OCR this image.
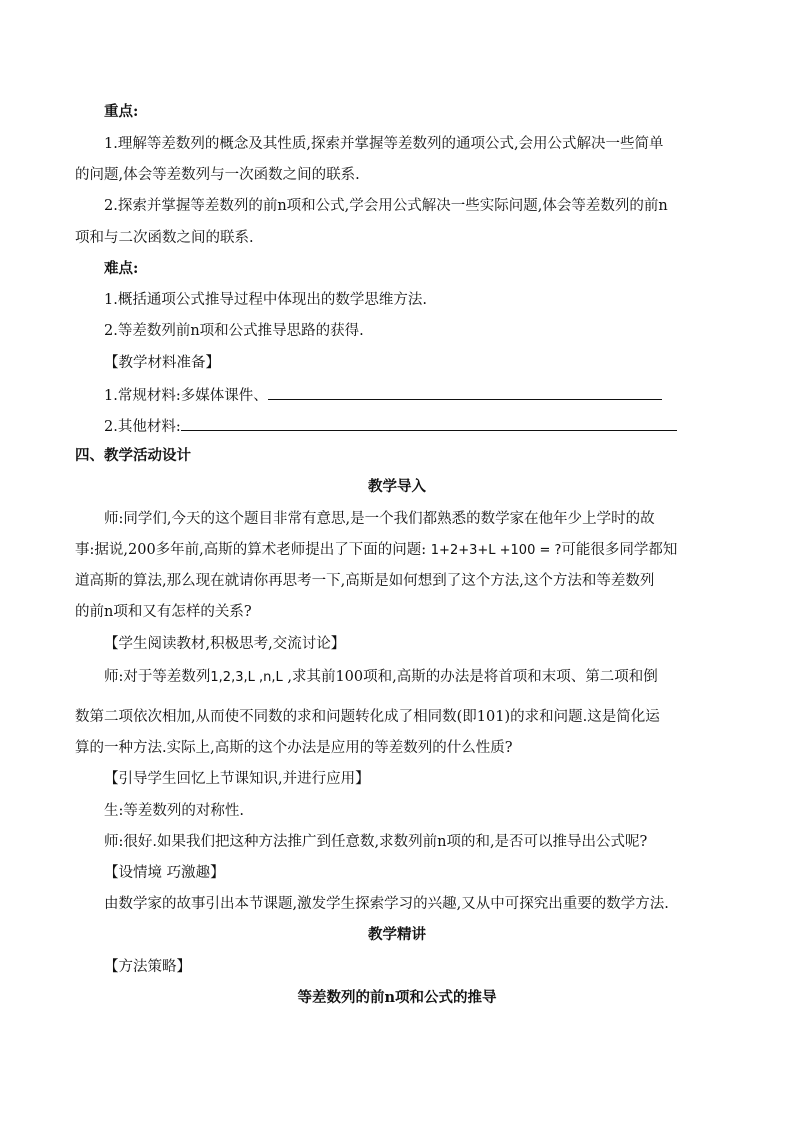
重点:
1.理解等差数列的概念及其性质,探索并掌握等差数列的通项公式,会用公式解决一些简单
的问题,体会等差数列与一次函数之间的联系.
2.探索并掌握等差数列的前n项和公式,学会用公式解决一些实际问题,体会等差数列的前n
项和与二次函数之间的联系.
难点:
1.概括通项公式推导过程中体现出的数学思维方法.
2.等差数列前n项和公式推导思路的获得.
【教学材料准备】
1.常规材料:多媒体课件、
2.其他材料:
四、教学活动设计
教学导入
师:同学们,今天的这个题目非常有意思,是一个我们都熟悉的数学家在他年少上学时的故
事:据说,200多年前,高斯的算术老师提出了下面的问题: 1+2+3+L +100 = ?可能很多同学都知
道高斯的算法,那么现在就请你再思考一下,高斯是如何想到了这个方法,这个方法和等差数列
的前n项和又有怎样的关系?
【学生阅读教材,积极思考,交流讨论】
师:对于等差数列1,2,3,L ,n,L ,求其前100项和,高斯的办法是将首项和末项、第二项和倒
数第二项依次相加,从而使不同数的求和问题转化成了相同数(即101)的求和问题.这是简化运
算的一种方法.实际上,高斯的这个办法是应用的等差数列的什么性质?
【引导学生回忆上节课知识,并进行应用】
生:等差数列的对称性.
师:很好.如果我们把这种方法推广到任意数,求数列前n项的和,是否可以推导出公式呢?
【设情境 巧激趣】
由数学家的故事引出本节课题,激发学生探索学习的兴趣,又从中可探究出重要的数学方法.
教学精讲
【方法策略】
等差数列的前n项和公式的推导
